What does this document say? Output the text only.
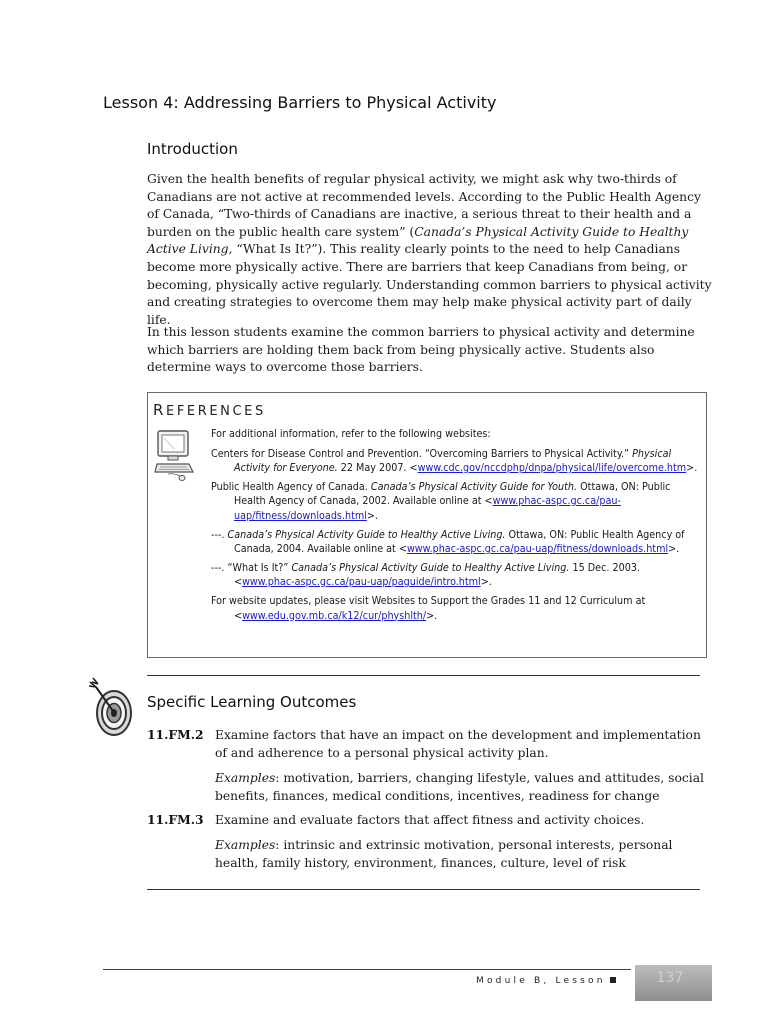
Lesson 4: Addressing Barriers to Physical Activity
Introduction

Given the health benefits of regular physical activity, we might ask why two-thirds of Canadians are not active at recommended levels. According to the Public Health Agency of Canada, “Two-thirds of Canadians are inactive, a serious threat to their health and a burden on the public health care system” (Canada’s Physical Activity Guide to Healthy Active Living, “What Is It?”). This reality clearly points to the need to help Canadians become more physically active. There are barriers that keep Canadians from being, or becoming, physically active regularly. Understanding common barriers to physical activity and creating strategies to overcome them may help make physical activity part of daily life.

In this lesson students examine the common barriers to physical activity and determine which barriers are holding them back from being physically active. Students also determine ways to overcome those barriers.

REFERENCES

For additional information, refer to the following websites:

Centers for Disease Control and Prevention. “Overcoming Barriers to Physical Activity.” Physical Activity for Everyone. 22 May 2007. <www.cdc.gov/nccdphp/dnpa/physical/life/overcome.htm>.

Public Health Agency of Canada. Canada’s Physical Activity Guide for Youth. Ottawa, ON: Public Health Agency of Canada, 2002. Available online at <www.phac-aspc.gc.ca/pau-uap/fitness/downloads.html>.

---. Canada’s Physical Activity Guide to Healthy Active Living. Ottawa, ON: Public Health Agency of Canada, 2004. Available online at <www.phac-aspc.gc.ca/pau-uap/fitness/downloads.html>.

---. “What Is It?” Canada’s Physical Activity Guide to Healthy Active Living. 15 Dec. 2003. <www.phac-aspc.gc.ca/pau-uap/paguide/intro.html>.

For website updates, please visit Websites to Support the Grades 11 and 12 Curriculum at <www.edu.gov.mb.ca/k12/cur/physhlth/>.

Specific Learning Outcomes
11.FM.2 Examine factors that have an impact on the development and implementation of and adherence to a personal physical activity plan.
Examples: motivation, barriers, changing lifestyle, values and attitudes, social benefits, finances, medical conditions, incentives, readiness for change
11.FM.3 Examine and evaluate factors that affect fitness and activity choices.
Examples: intrinsic and extrinsic motivation, personal interests, personal health, family history, environment, finances, culture, level of risk
Module B, Lesson	137
